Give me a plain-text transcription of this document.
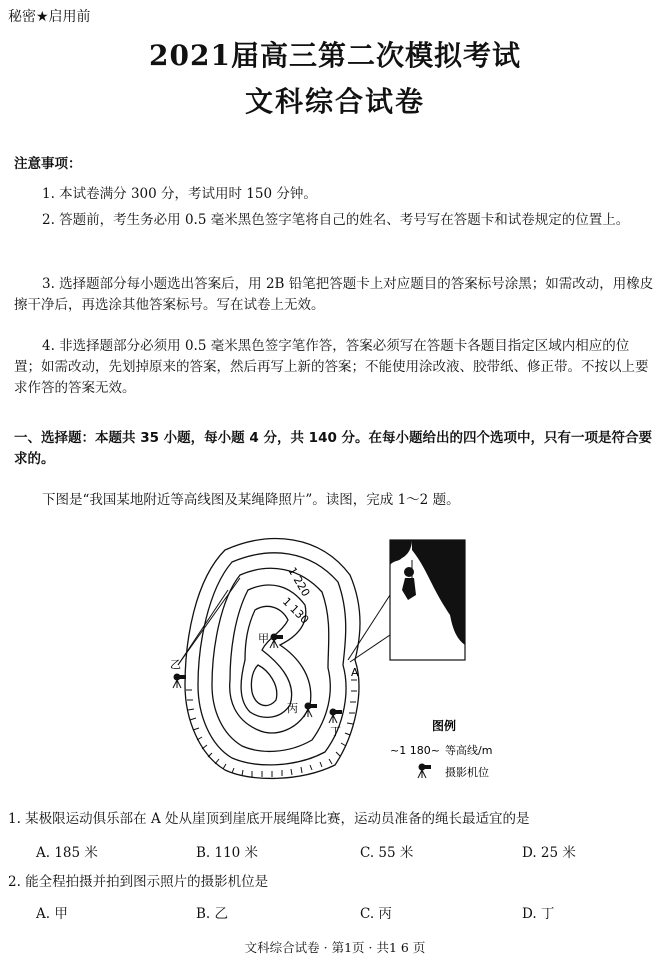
秘密★启用前
2021届高三第二次模拟考试
文科综合试卷
注意事项：
1. 本试卷满分 300 分，考试用时 150 分钟。
2. 答题前，考生务必用 0.5 毫米黑色签字笔将自己的姓名、考号写在答题卡和试卷规定的位置上。
3. 选择题部分每小题选出答案后，用 2B 铅笔把答题卡上对应题目的答案标号涂黑；如需改动，用橡皮擦干净后，再选涂其他答案标号。写在试卷上无效。
4. 非选择题部分必须用 0.5 毫米黑色签字笔作答，答案必须写在答题卡各题目指定区域内相应的位置；如需改动，先划掉原来的答案，然后再写上新的答案；不能使用涂改液、胶带纸、修正带。不按以上要求作答的答案无效。
一、选择题：本题共 35 小题，每小题 4 分，共 140 分。在每小题给出的四个选项中，只有一项是符合要求的。
下图是“我国某地附近等高线图及某绳降照片”。读图，完成 1～2 题。
1 220
1 130
甲
乙
丙
丁
A
图例
~1 180~ 等高线/m
摄影机位
1. 某极限运动俱乐部在 A 处从崖顶到崖底开展绳降比赛，运动员准备的绳长最适宜的是
A. 185 米	B. 110 米	C. 55 米	D. 25 米
2. 能全程拍摄并拍到图示照片的摄影机位是
A. 甲	B. 乙	C. 丙	D. 丁
文科综合试卷 · 第1页 · 共1 6 页
